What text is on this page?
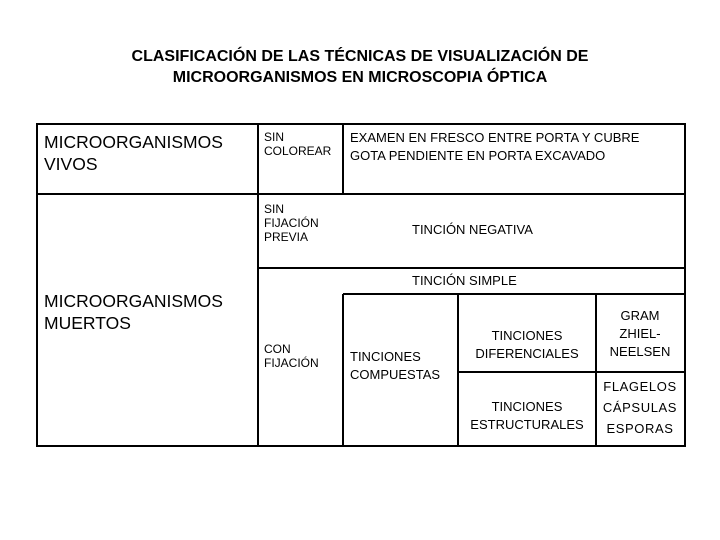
CLASIFICACIÓN DE LAS TÉCNICAS DE VISUALIZACIÓN DE
MICROORGANISMOS EN MICROSCOPIA ÓPTICA
MICROORGANISMOS
VIVOS
MICROORGANISMOS
MUERTOS
SIN
COLOREAR
EXAMEN EN FRESCO ENTRE PORTA Y CUBRE
GOTA PENDIENTE EN PORTA EXCAVADO
SIN
FIJACIÓN
PREVIA	TINCIÓN NEGATIVA
TINCIÓN SIMPLE
CON
FIJACIÓN TINCIONES
COMPUESTAS
TINCIONES
DIFERENCIALES
GRAM
ZHIEL-
NEELSEN
TINCIONES
ESTRUCTURALES
FLAGELOS
CÁPSULAS
ESPORAS
